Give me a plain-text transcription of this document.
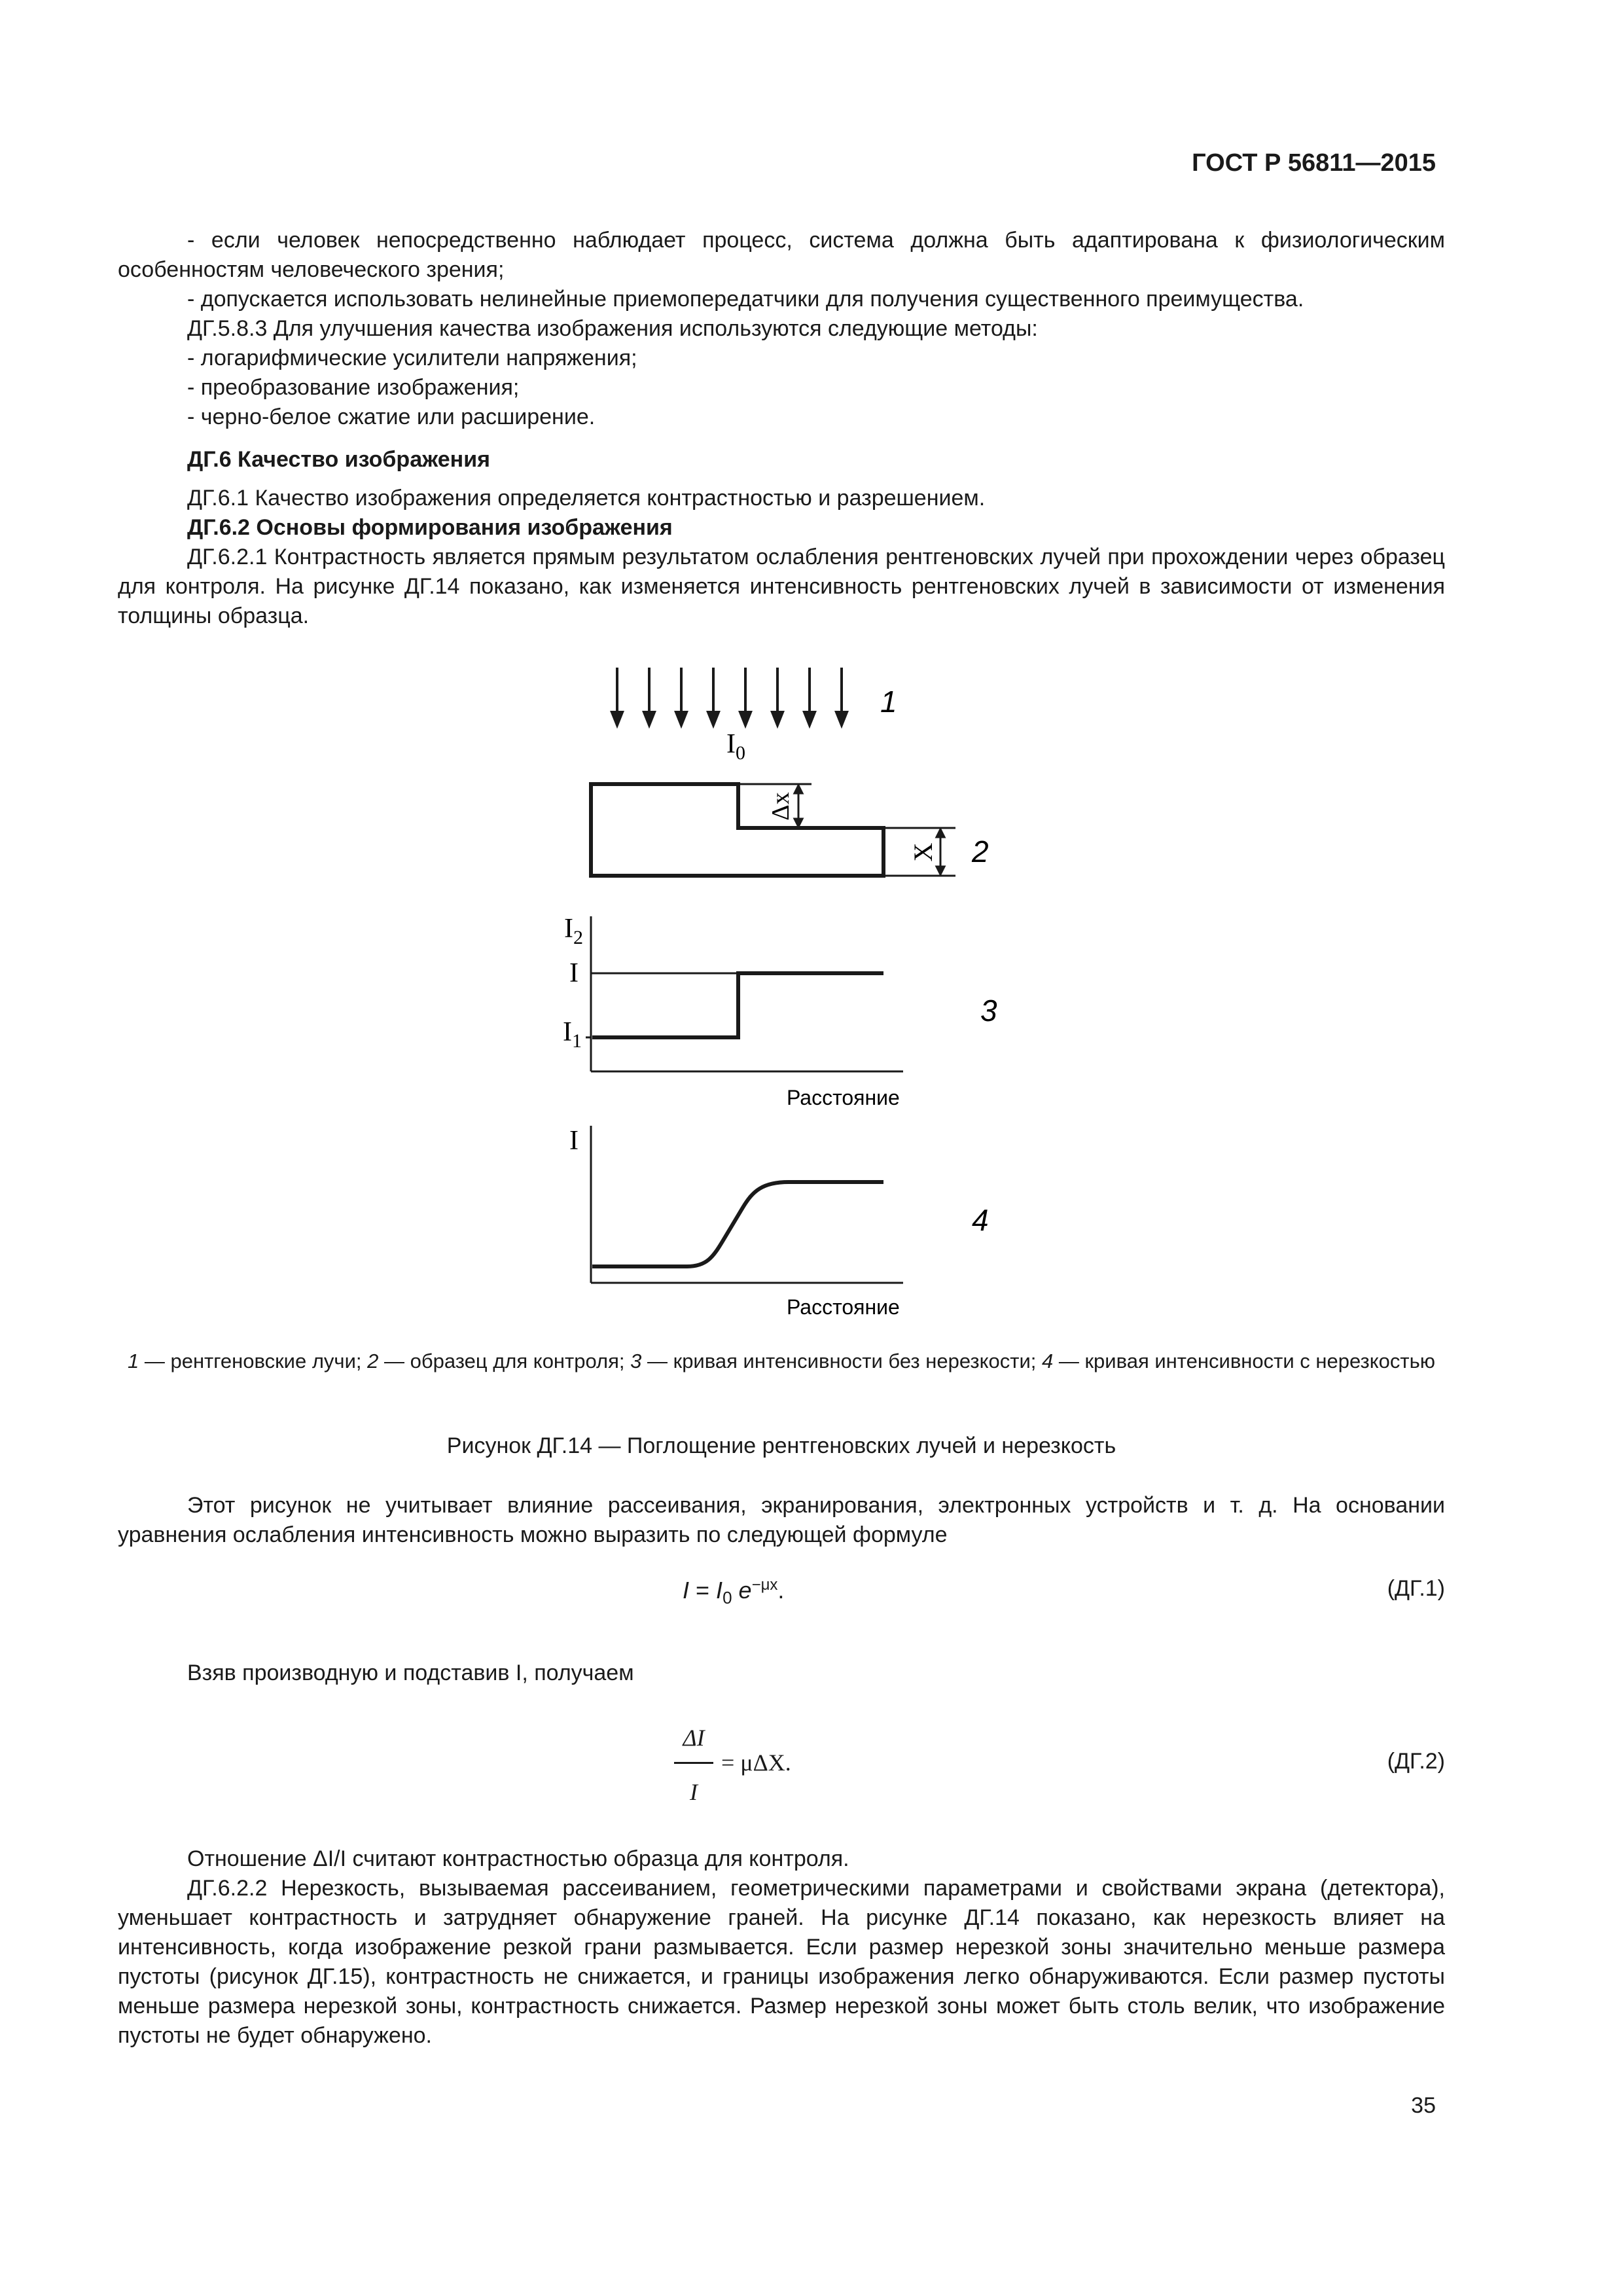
ГОСТ Р 56811—2015

- если человек непосредственно наблюдает процесс, система должна быть адаптирована к физиологическим особенностям человеческого зрения;

- допускается использовать нелинейные приемопередатчики для получения существенного преимущества.

ДГ.5.8.3 Для улучшения качества изображения используются следующие методы:

- логарифмические усилители напряжения;

- преобразование изображения;

- черно-белое сжатие или расширение.

ДГ.6 Качество изображения

ДГ.6.1 Качество изображения определяется контрастностью и разрешением.

ДГ.6.2 Основы формирования изображения

ДГ.6.2.1 Контрастность является прямым результатом ослабления рентгеновских лучей при прохождении через образец для контроля. На рисунке ДГ.14 показано, как изменяется интенсивность рентгеновских лучей в зависимости от изменения толщины образца.

1
$I_0$
Δx
X 2
$I_2$
I
$I_1$
3
Расстояние
I
4
Расстояние
1 — рентгеновские лучи; 2 — образец для контроля; 3 — кривая интенсивности без нерезкости; 4 — кривая интенсивности с нерезкостью
Рисунок ДГ.14 — Поглощение рентгеновских лучей и нерезкость

Этот рисунок не учитывает влияние рассеивания, экранирования, электронных устройств и т. д. На основании уравнения ослабления интенсивность можно выразить по следующей формуле

$I = I_0$ $e^{-\mu x}$.	(ДГ.1)

Взяв производную и подставив I, получаем

ΔI
I
= μΔX.	(ДГ.2)

Отношение ΔI/I считают контрастностью образца для контроля.

ДГ.6.2.2 Нерезкость, вызываемая рассеиванием, геометрическими параметрами и свойствами экрана (детектора), уменьшает контрастность и затрудняет обнаружение граней. На рисунке ДГ.14 показано, как нерезкость влияет на интенсивность, когда изображение резкой грани размывается. Если размер нерезкой зоны значительно меньше размера пустоты (рисунок ДГ.15), контрастность не снижается, и границы изображения легко обнаруживаются. Если размер пустоты меньше размера нерезкой зоны, контрастность снижается. Размер нерезкой зоны может быть столь велик, что изображение пустоты не будет обнаружено.

35
